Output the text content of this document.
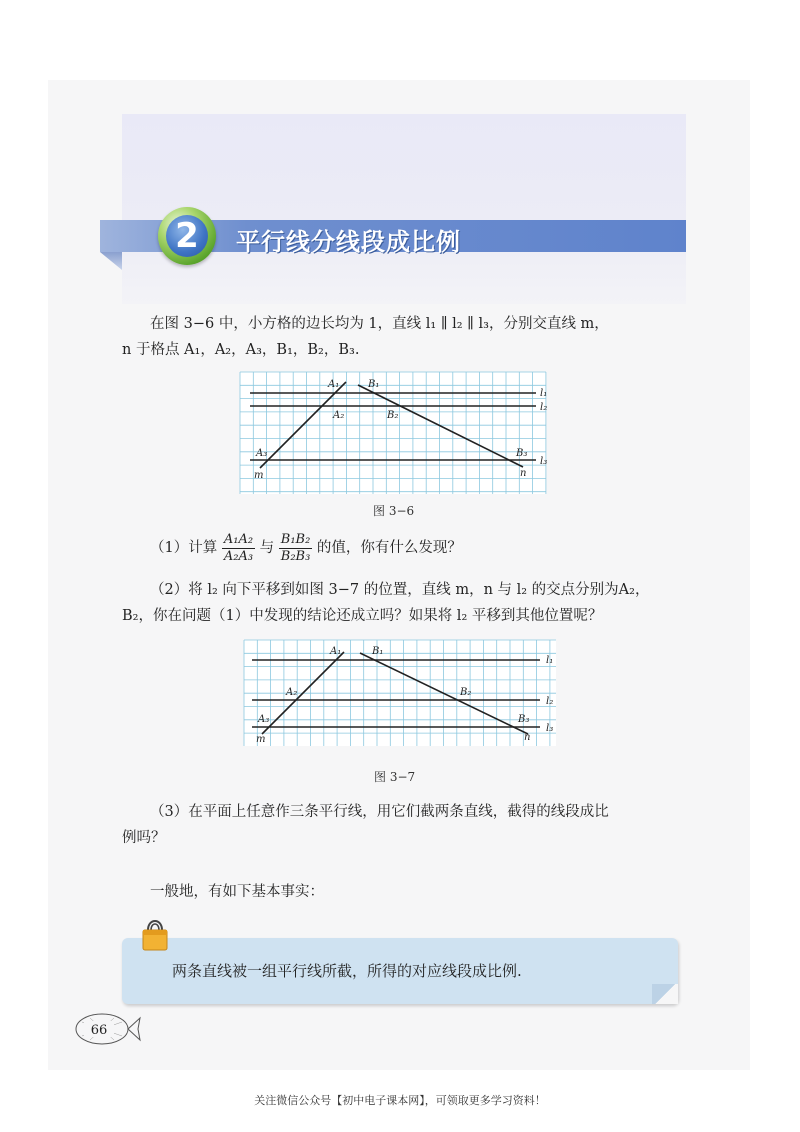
2	平行线分线段成比例
在图 3−6 中，小方格的边长均为 1，直线 l₁ ∥ l₂ ∥ l₃，分别交直线 m，
n 于格点 A₁，A₂，A₃，B₁，B₂，B₃.
A₁	B₁
A₂	B₂
A₃	B₃
m	n
l₁
l₂
l₃
图 3−6
（1）计算 $\frac{\text{A₁A₂}}{\text{A₂A₃}}$ 与 $\frac{\text{B₁B₂}}{\text{B₂B₃}}$ 的值，你有什么发现？
（2）将 l₂ 向下平移到如图 3−7 的位置，直线 m，n 与 l₂ 的交点分别为A₂，
B₂，你在问题（1）中发现的结论还成立吗？如果将 l₂ 平移到其他位置呢？
A₁	B₁
A₂	B₂
A₃	B₃
m	n
l₁
l₂
l₃
图 3−7
（3）在平面上任意作三条平行线，用它们截两条直线，截得的线段成比
例吗？
一般地，有如下基本事实：
两条直线被一组平行线所截，所得的对应线段成比例.
66
关注微信公众号【初中电子课本网】，可领取更多学习资料！
